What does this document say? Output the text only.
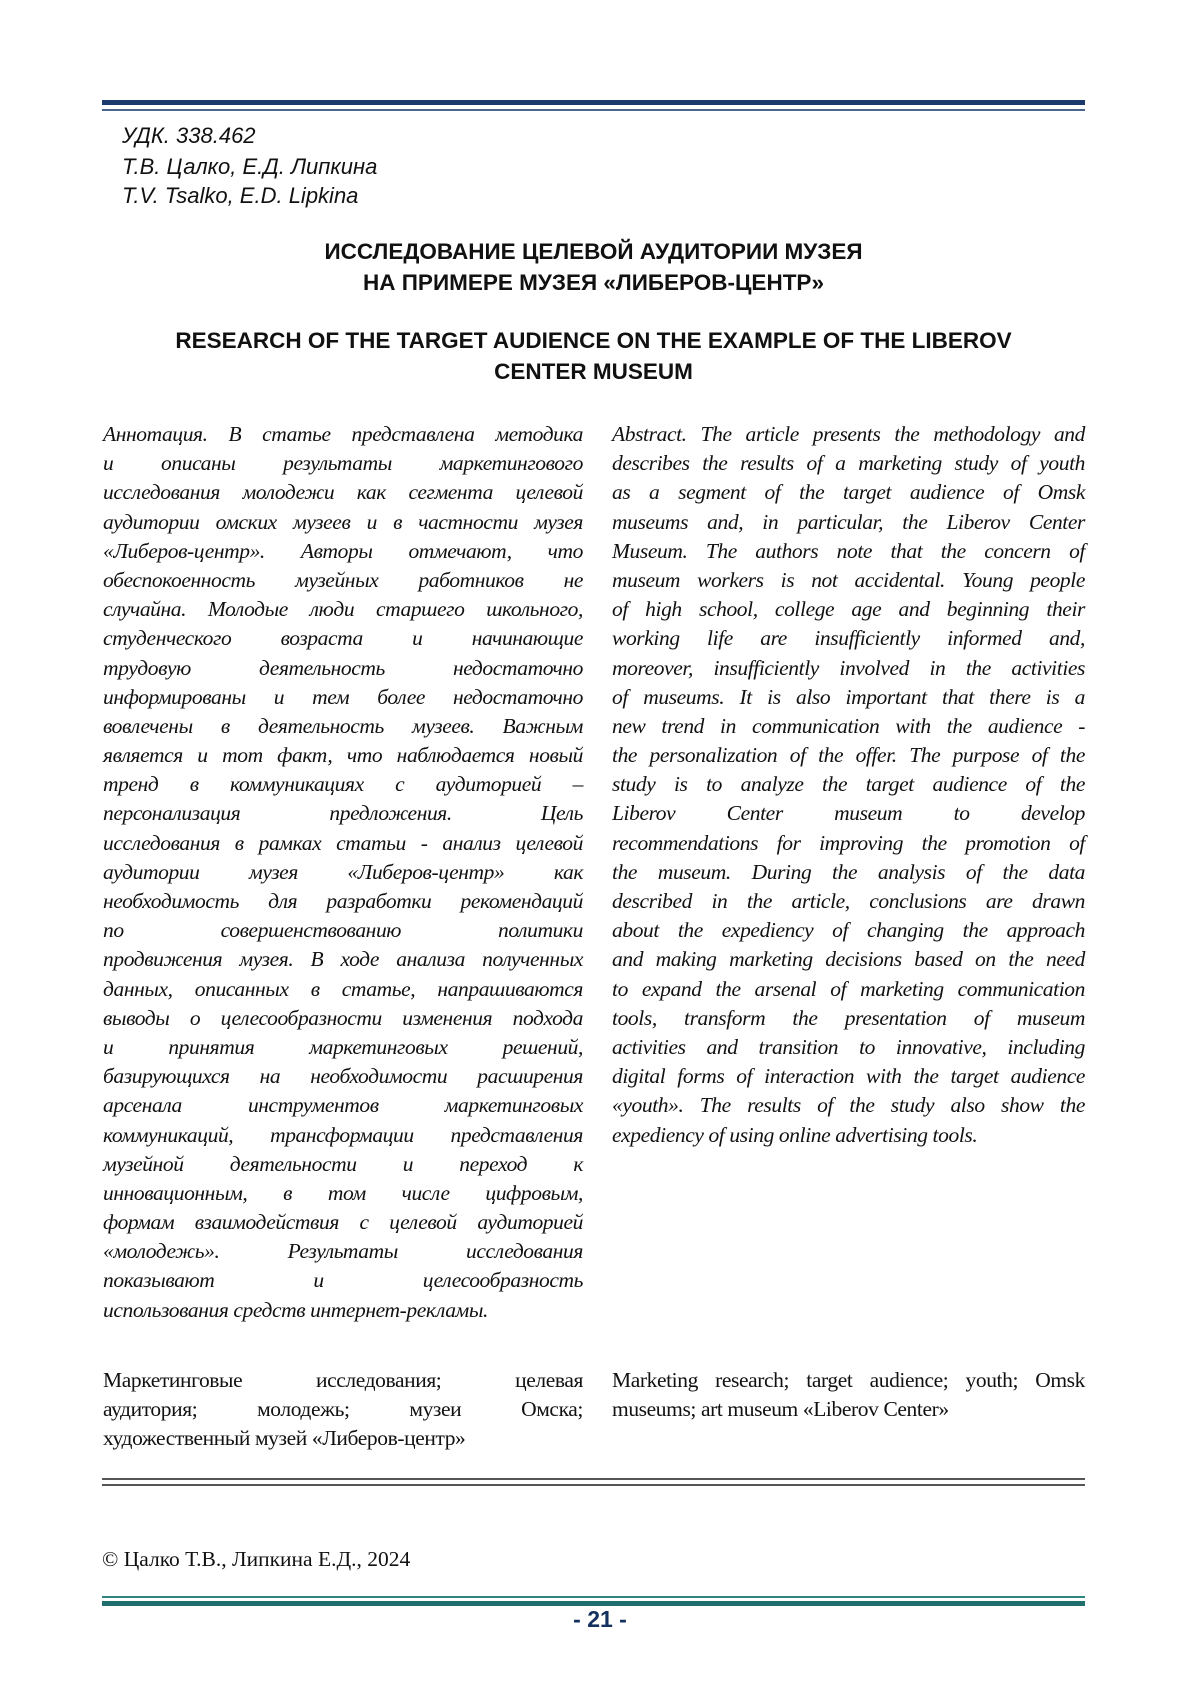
УДК. 338.462
Т.В. Цалко, Е.Д. Липкина
T.V. Tsalko, E.D. Lipkina
ИССЛЕДОВАНИЕ ЦЕЛЕВОЙ АУДИТОРИИ МУЗЕЯ
НА ПРИМЕРЕ МУЗЕЯ «ЛИБЕРОВ-ЦЕНТР»
RESEARCH OF THE TARGET AUDIENCE ON THE EXAMPLE OF THE LIBEROV
CENTER MUSEUM
Аннотация. В статье представлена методика
и описаны результаты маркетингового
исследования молодежи как сегмента целевой
аудитории омских музеев и в частности музея
«Либеров-центр». Авторы отмечают, что
обеспокоенность музейных работников не
случайна. Молодые люди старшего школьного,
студенческого возраста и начинающие
трудовую деятельность недостаточно
информированы и тем более недостаточно
вовлечены в деятельность музеев. Важным
является и тот факт, что наблюдается новый
тренд в коммуникациях с аудиторией –
персонализация предложения. Цель
исследования в рамках статьи - анализ целевой
аудитории музея «Либеров-центр» как
необходимость для разработки рекомендаций
по совершенствованию политики
продвижения музея. В ходе анализа полученных
данных, описанных в статье, напрашиваются
выводы о целесообразности изменения подхода
и принятия маркетинговых решений,
базирующихся на необходимости расширения
арсенала инструментов маркетинговых
коммуникаций, трансформации представления
музейной деятельности и переход к
инновационным, в том числе цифровым,
формам взаимодействия с целевой аудиторией
«молодежь». Результаты исследования
показывают и целесообразность
использования средств интернет-рекламы.
Abstract. The article presents the methodology and
describes the results of a marketing study of youth
as a segment of the target audience of Omsk
museums and, in particular, the Liberov Center
Museum. The authors note that the concern of
museum workers is not accidental. Young people
of high school, college age and beginning their
working life are insufficiently informed and,
moreover, insufficiently involved in the activities
of museums. It is also important that there is a
new trend in communication with the audience -
the personalization of the offer. The purpose of the
study is to analyze the target audience of the
Liberov Center museum to develop
recommendations for improving the promotion of
the museum. During the analysis of the data
described in the article, conclusions are drawn
about the expediency of changing the approach
and making marketing decisions based on the need
to expand the arsenal of marketing communication
tools, transform the presentation of museum
activities and transition to innovative, including
digital forms of interaction with the target audience
«youth». The results of the study also show the
expediency of using online advertising tools.
Маркетинговые исследования; целевая
аудитория; молодежь; музеи Омска;
художественный музей «Либеров-центр»
Marketing research; target audience; youth; Omsk
museums; art museum «Liberov Center»
© Цалко Т.В., Липкина Е.Д., 2024
- 21 -
